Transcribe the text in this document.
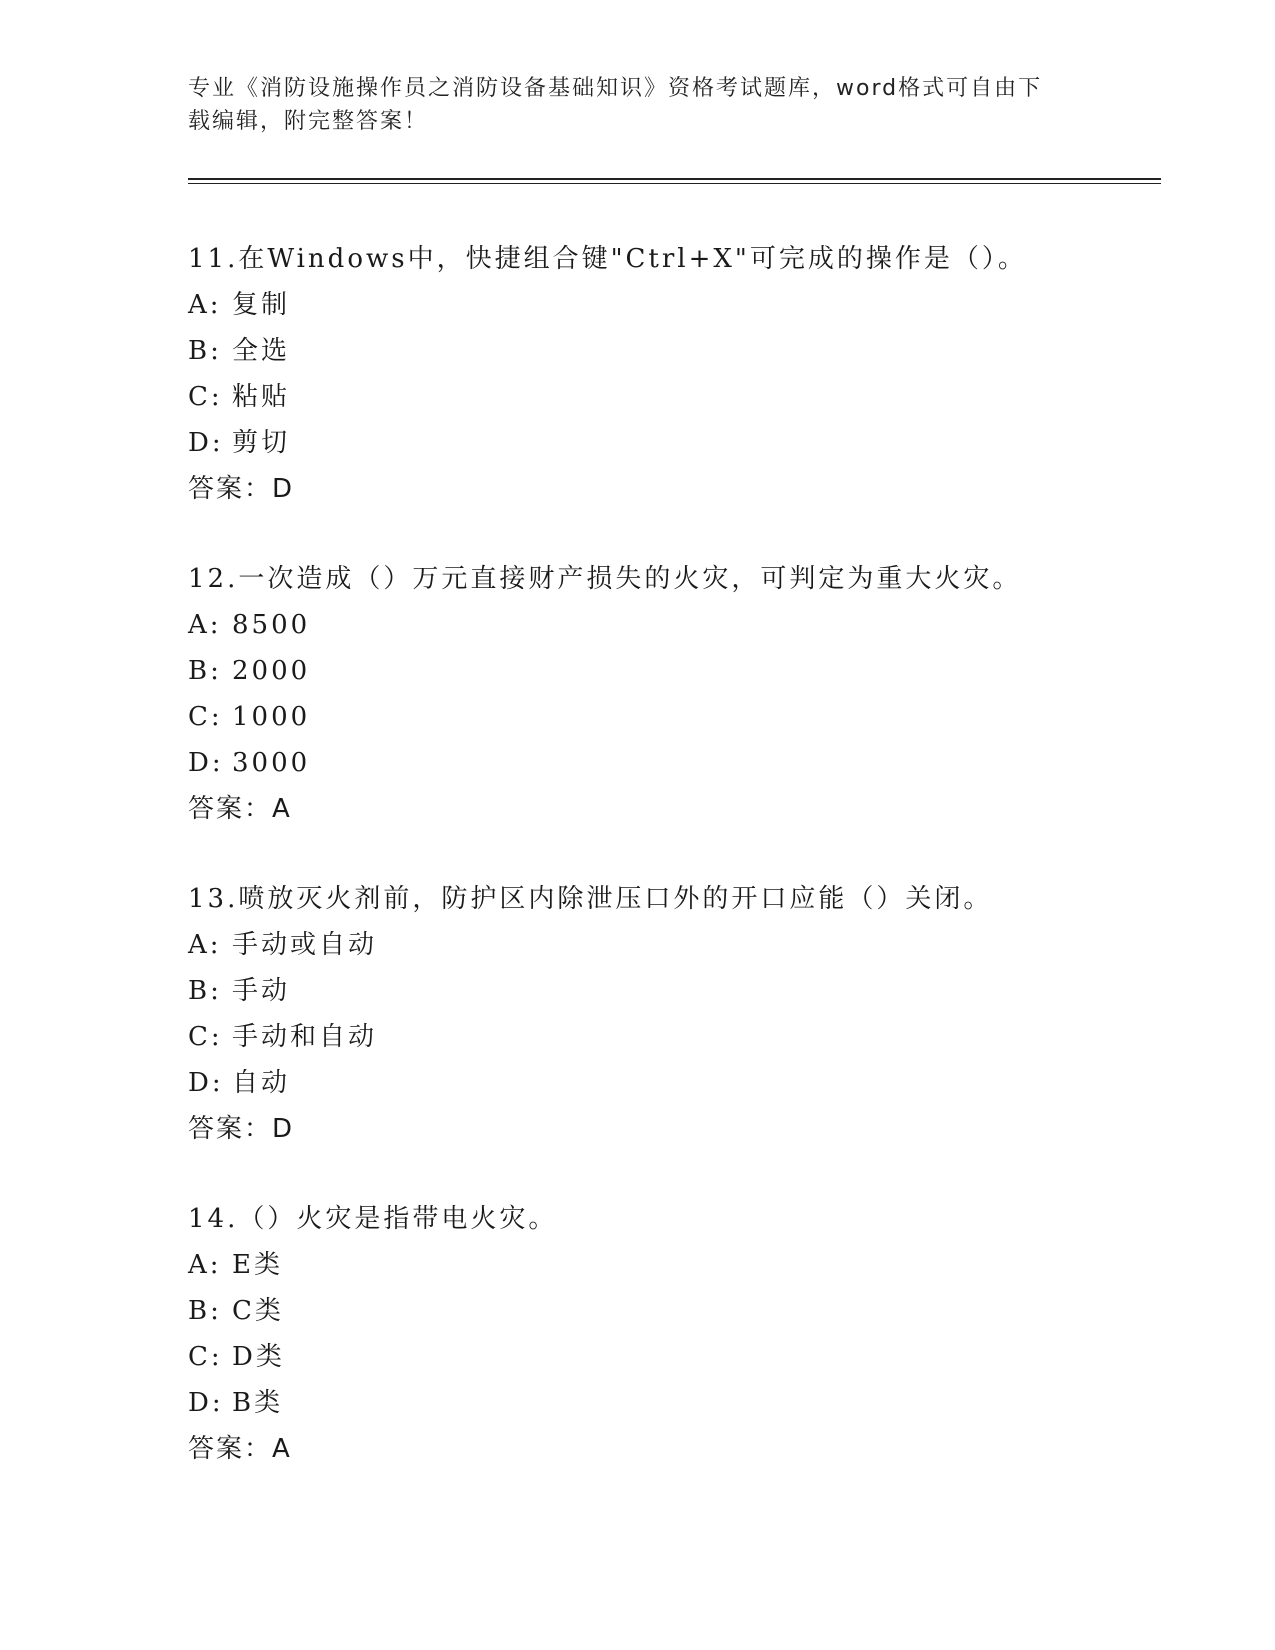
专业《消防设施操作员之消防设备基础知识》资格考试题库，word格式可自由下
载编辑，附完整答案！
11.在Windows中，快捷组合键"Ctrl+X"可完成的操作是（）。
A: 复制
B: 全选
C: 粘贴
D: 剪切
答案：D
12.一次造成（）万元直接财产损失的火灾，可判定为重大火灾。
A: 8500
B: 2000
C: 1000
D: 3000
答案：A
13.喷放灭火剂前，防护区内除泄压口外的开口应能（）关闭。
A: 手动或自动
B: 手动
C: 手动和自动
D: 自动
答案：D
14.（）火灾是指带电火灾。
A: E类
B: C类
C: D类
D: B类
答案：A
